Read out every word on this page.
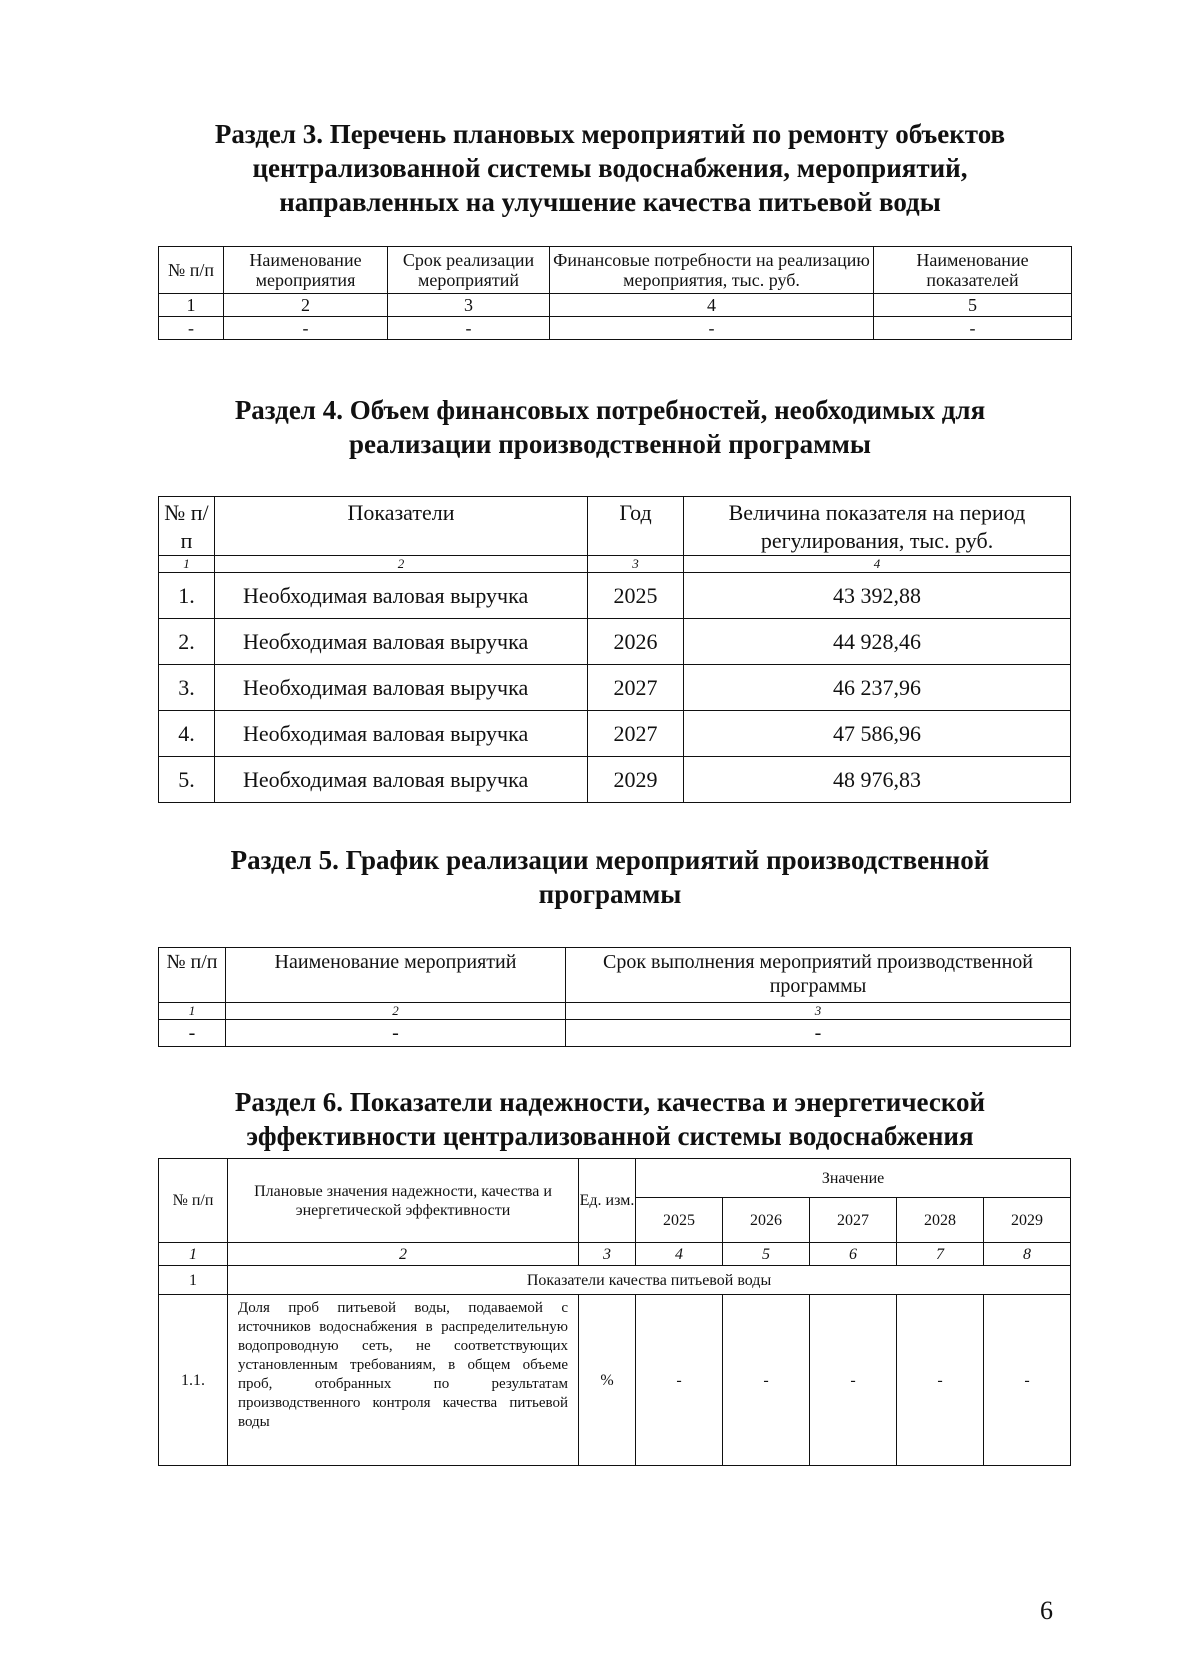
Раздел 3. Перечень плановых мероприятий по ремонту объектов
централизованной системы водоснабжения, мероприятий,
направленных на улучшение качества питьевой воды
№ п/п	Наименование мероприятия	Срок реализации мероприятий	Финансовые потребности на реализацию мероприятия, тыс. руб.	Наименование показателей
1	2	3	4	5
-	-	-	-	-
Раздел 4. Объем финансовых потребностей, необходимых для
реализации производственной программы
№ п/п	Показатели	Год	Величина показателя на период регулирования, тыс. руб.
1	2	3	4
1.	Необходимая валовая выручка	2025	43 392,88
2.	Необходимая валовая выручка	2026	44 928,46
3.	Необходимая валовая выручка	2027	46 237,96
4.	Необходимая валовая выручка	2027	47 586,96
5.	Необходимая валовая выручка	2029	48 976,83
Раздел 5. График реализации мероприятий производственной
программы
№ п/п	Наименование мероприятий	Срок выполнения мероприятий производственной программы
1	2	3
-	-	-
Раздел 6. Показатели надежности, качества и энергетической
эффективности централизованной системы водоснабжения
№ п/п	Плановые значения надежности, качества и энергетической эффективности	Ед. изм.	Значение				
			2025	2026	2027	2028	2029
1	2	3	4	5	6	7	8
1	Показатели качества питьевой воды						
1.1.	Доля проб питьевой воды, подаваемой с источников водоснабжения в распределительную водопроводную сеть, не соответствующих установленным требованиям, в общем объеме проб, отобранных по результатам производственного контроля качества питьевой воды	%	-	-	-	-	-
6
